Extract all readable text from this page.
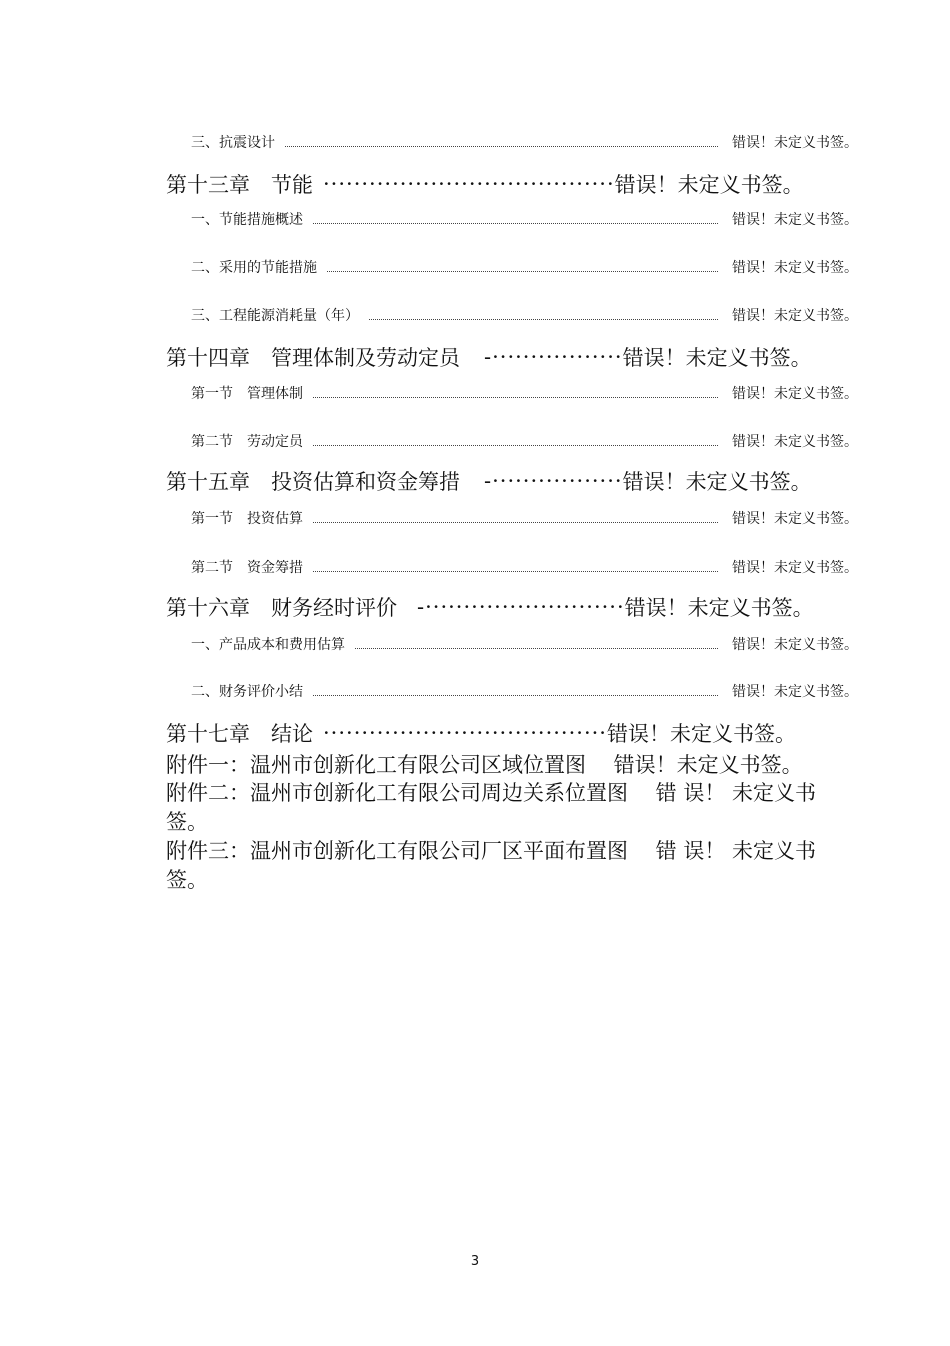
三、抗震设计	错误！未定义书签。
第十三章　节能 ······································ 错误！未定义书签。
一、节能措施概述	错误！未定义书签。
二、采用的节能措施	错误！未定义书签。
三、工程能源消耗量（年）	错误！未定义书签。
第十四章　管理体制及劳动定员 -················· 错误！未定义书签。
第一节　管理体制	错误！未定义书签。
第二节　劳动定员	错误！未定义书签。
第十五章　投资估算和资金筹措 -················· 错误！未定义书签。
第一节　投资估算	错误！未定义书签。
第二节　资金筹措	错误！未定义书签。
第十六章　财务经时评价 -·························· 错误！未定义书签。
一、产品成本和费用估算	错误！未定义书签。
二、财务评价小结	错误！未定义书签。
第十七章　结论 ····································· 错误！未定义书签。
附件一：温州市创新化工有限公司区域位置图　 错误！未定义书签。
附件二：温州市创新化工有限公司周边关系位置图　 错 误！ 未定义书
签。
附件三：温州市创新化工有限公司厂区平面布置图　 错 误！ 未定义书
签。
3
